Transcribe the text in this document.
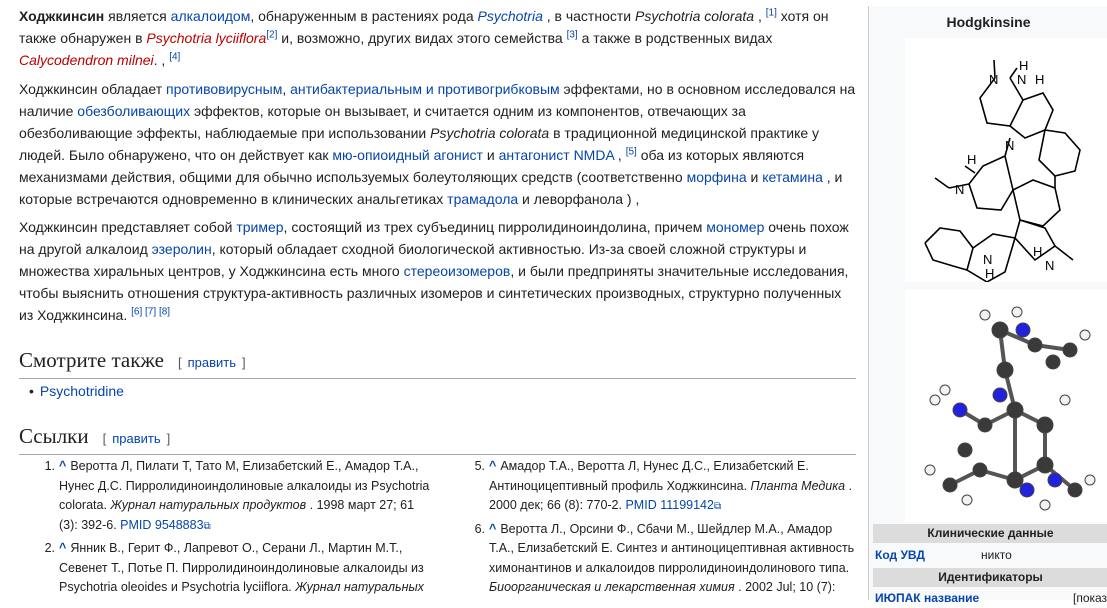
Ходжкинсин является алкалоидом, обнаруженным в растениях рода Psychotria , в частности Psychotria colorata , [1] хотя он также обнаружен в Psychotria lyciiflora[2] и, возможно, других видах этого семейства [3] а также в родственных видах Calycodendron milnei. , [4]

Ходжкинсин обладает противовирусным, антибактериальным и противогрибковым эффектами, но в основном исследовался на наличие обезболивающих эффектов, которые он вызывает, и считается одним из компонентов, отвечающих за обезболивающие эффекты, наблюдаемые при использовании Psychotria colorata в традиционной медицинской практике у людей. Было обнаружено, что он действует как мю-опиоидный агонист и антагонист NMDA , [5] оба из которых являются механизмами действия, общими для обычно используемых болеутоляющих средств (соответственно морфина и кетамина , и которые встречаются одновременно в клинических анальгетиках трамадола и леворфанола ) ,

Ходжкинсин представляет собой тример, состоящий из трех субъединиц пирролидиноиндолина, причем мономер очень похож на другой алкалоид эзеролин, который обладает сходной биологической активностью. Из-за своей сложной структуры и множества хиральных центров, у Ходжкинсина есть много стереоизомеров, и были предприняты значительные исследования, чтобы выяснить отношения структура-активность различных изомеров и синтетических производных, структурно полученных из Ходжкинсина. [6] [7] [8]

Смотрите также [ править ]
• Psychotridine
Ссылки [ править ]
1. ^ Веротта Л, Пилати Т, Тато М, Елизабетский Е., Амадор Т.А., Нунес Д.С. Пирролидиноиндолиновые алкалоиды из Psychotria colorata. Журнал натуральных продуктов . 1998 март 27; 61 (3): 392-6. PMID 9548883⧉
2. ^ Янник В., Герит Ф., Лапревот О., Серани Л., Мартин М.Т., Севенет Т., Потье П. Пирролидиноиндолиновые алкалоиды из Psychotria oleoides и Psychotria lyciiflora. Журнал натуральных
5. ^ Амадор Т.А., Веротта Л, Нунес Д.С., Елизабетский Е. Антиноцицептивный профиль Ходжкинсина. Планта Медика . 2000 дек; 66 (8): 770-2. PMID 11199142⧉
6. ^ Веротта Л., Орсини Ф., Сбачи М., Шейдлер М.А., Амадор Т.А., Елизабетский Е. Синтез и антиноцицептивная активность химонантинов и алкалоидов пирролидиноиндолинового типа. Биоорганическая и лекарственная химия . 2002 Jul; 10 (7):
Hodgkinsine
N N
H
H
N
H
N
N
N
H
H
Клинические данные
Код УВД	никто
Идентификаторы
ИЮПАК название	[показ
